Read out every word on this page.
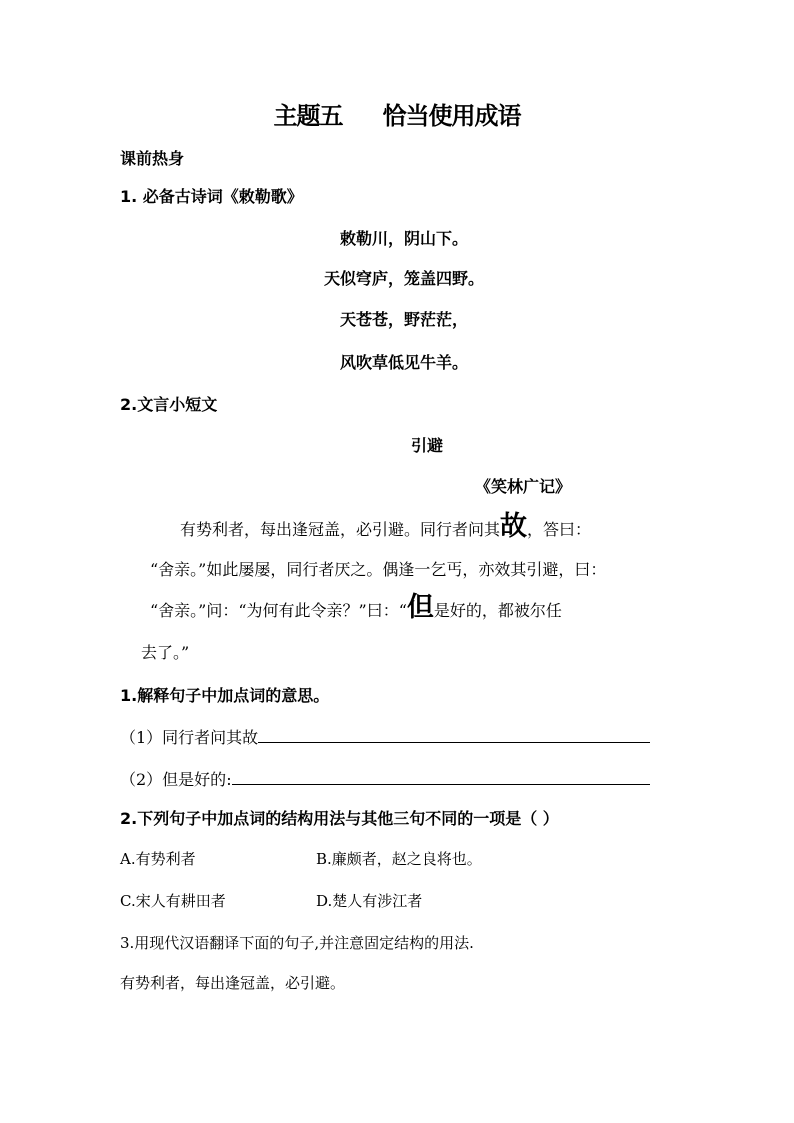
主题五 恰当使用成语
课前热身
1. 必备古诗词《敕勒歌》
敕勒川，阴山下。
天似穹庐，笼盖四野。
天苍苍，野茫茫，
风吹草低见牛羊。
2.文言小短文
引避
《笑林广记》
有势利者，每出逢冠盖，必引避。同行者问其故，答曰：
“舍亲。”如此屡屡，同行者厌之。偶逢一乞丐，亦效其引避，曰：
“舍亲。”问：“为何有此令亲？”曰：“但是好的，都被尔任
去了。”
1.解释句子中加点词的意思。
（1）同行者问其故
（2）但是好的:
2.下列句子中加点词的结构用法与其他三句不同的一项是（ ）
A.有势利者	B.廉颇者，赵之良将也。
C.宋人有耕田者	D.楚人有涉江者
3.用现代汉语翻译下面的句子,并注意固定结构的用法.
有势利者，每出逢冠盖，必引避。
